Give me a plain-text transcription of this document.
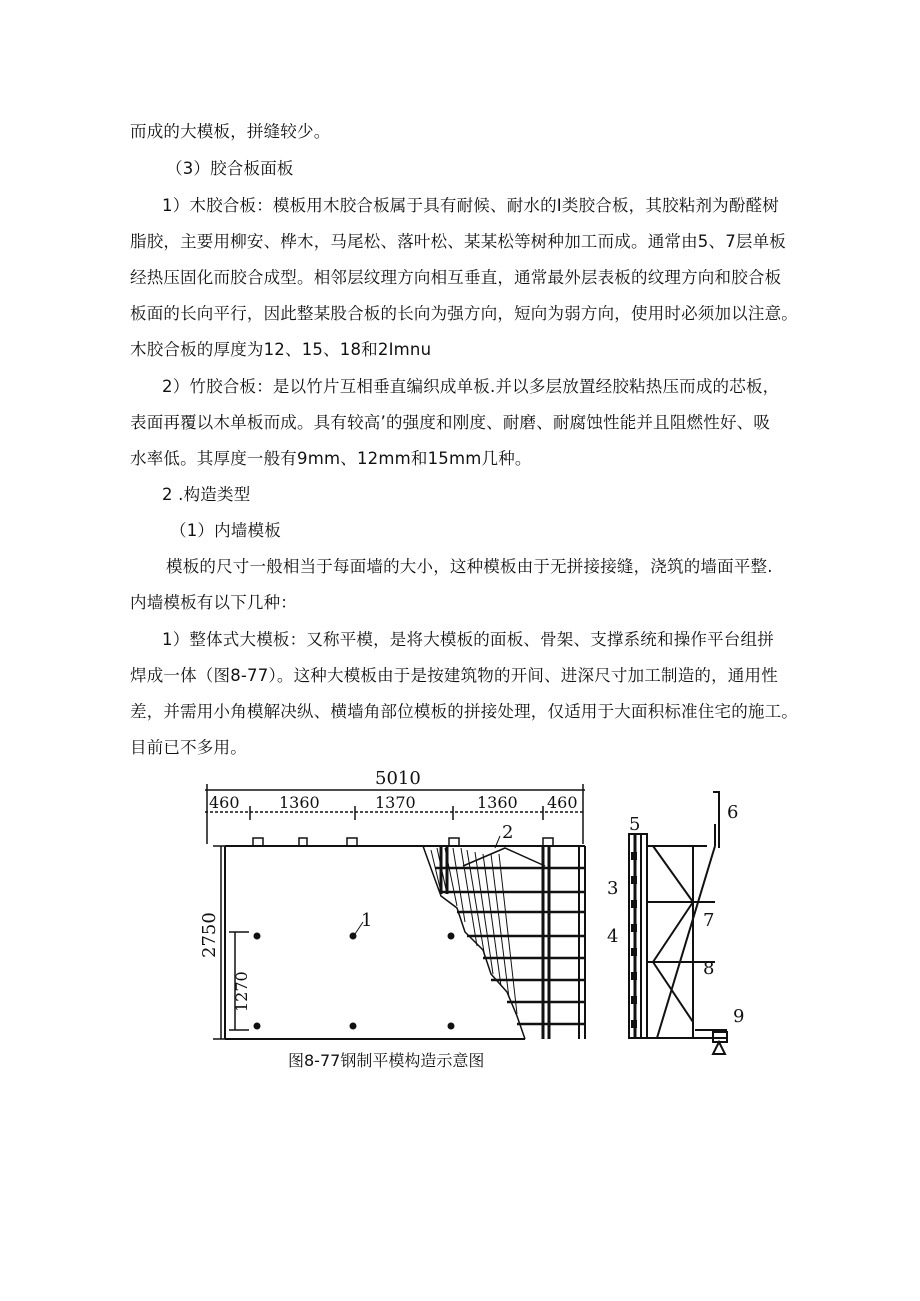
而成的大模板，拼缝较少。
（3）胶合板面板
1）木胶合板：模板用木胶合板属于具有耐候、耐水的I类胶合板，其胶粘剂为酚醛树
脂胶，主要用柳安、桦木，马尾松、落叶松、某某松等树种加工而成。通常由5、7层单板
经热压固化而胶合成型。相邻层纹理方向相互垂直，通常最外层表板的纹理方向和胶合板
板面的长向平行，因此整某股合板的长向为强方向，短向为弱方向，使用时必须加以注意。
木胶合板的厚度为12、15、18和2Imnu
2）竹胶合板：是以竹片互相垂直编织成单板.并以多层放置经胶粘热压而成的芯板，
表面再覆以木单板而成。具有较高’的强度和刚度、耐磨、耐腐蚀性能并且阻燃性好、吸
水率低。其厚度一般有9mm、12mm和15mm几种。
2 .构造类型
（1）内墙模板
模板的尺寸一般相当于每面墙的大小，这种模板由于无拼接接缝，浇筑的墙面平整.
内墙模板有以下几种：
1）整体式大模板：又称平模，是将大模板的面板、骨架、支撑系统和操作平台组拼
焊成一体（图8-77）。这种大模板由于是按建筑物的开间、进深尺寸加工制造的，通用性
差，并需用小角模解决纵、横墙角部位模板的拼接处理，仅适用于大面积标准住宅的施工。
目前已不多用。
5010
460 1360	1370	1360 460
2750
1270
1
2
3
4
5
6
7
8
9
图8-77钢制平模构造示意图
